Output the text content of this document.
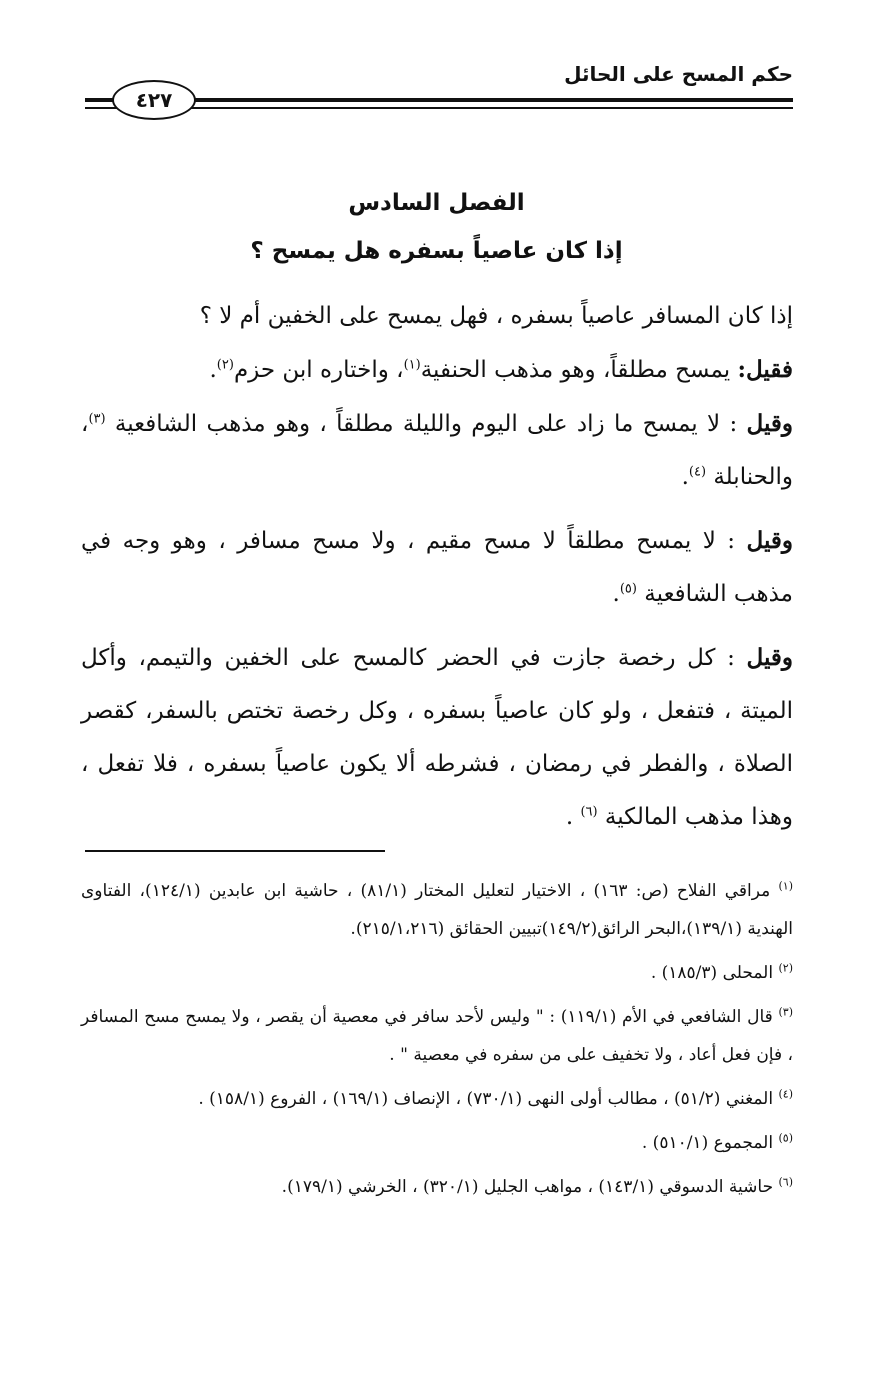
حكم المسح على الحائل
٤٢٧
الفصل السادس
إذا كان عاصياً بسفره هل يمسح ؟

إذا كان المسافر عاصياً بسفره ، فهل يمسح على الخفين أم لا ؟

فقيل: يمسح مطلقاً، وهو مذهب الحنفية$^{(١)}$، واختاره ابن حزم$^{(٢)}$.

وقيل : لا يمسح ما زاد على اليوم والليلة مطلقاً ، وهو مذهب الشافعية $^{(٣)}$، والحنابلة $^{(٤)}$.

وقيل : لا يمسح مطلقاً لا مسح مقيم ، ولا مسح مسافر ، وهو وجه في مذهب الشافعية $^{(٥)}$.

وقيل : كل رخصة جازت في الحضر كالمسح على الخفين والتيمم، وأكل الميتة ، فتفعل ، ولو كان عاصياً بسفره ، وكل رخصة تختص بالسفر، كقصر الصلاة ، والفطر في رمضان ، فشرطه ألا يكون عاصياً بسفره ، فلا تفعل ، وهذا مذهب المالكية $^{(٦)}$ .

$^{(١)}$ مراقي الفلاح (ص: ١٦٣) ، الاختيار لتعليل المختار (٨١/١) ، حاشية ابن عابدين (١٢٤/١)، الفتاوى الهندية (١٣٩/١)،البحر الرائق(١٤٩/٢)تبيين الحقائق (٢١٥/١،٢١٦).

$^{(٢)}$ المحلى (١٨٥/٣) .

$^{(٣)}$ قال الشافعي في الأم (١١٩/١) : " وليس لأحد سافر في معصية أن يقصر ، ولا يمسح مسح المسافر ، فإن فعل أعاد ، ولا تخفيف على من سفره في معصية " .

$^{(٤)}$ المغني (٥١/٢) ، مطالب أولى النهى (٧٣٠/١) ، الإنصاف (١٦٩/١) ، الفروع (١٥٨/١) .

$^{(٥)}$ المجموع (٥١٠/١) .

$^{(٦)}$ حاشية الدسوقي (١٤٣/١) ، مواهب الجليل (٣٢٠/١) ، الخرشي (١٧٩/١).
